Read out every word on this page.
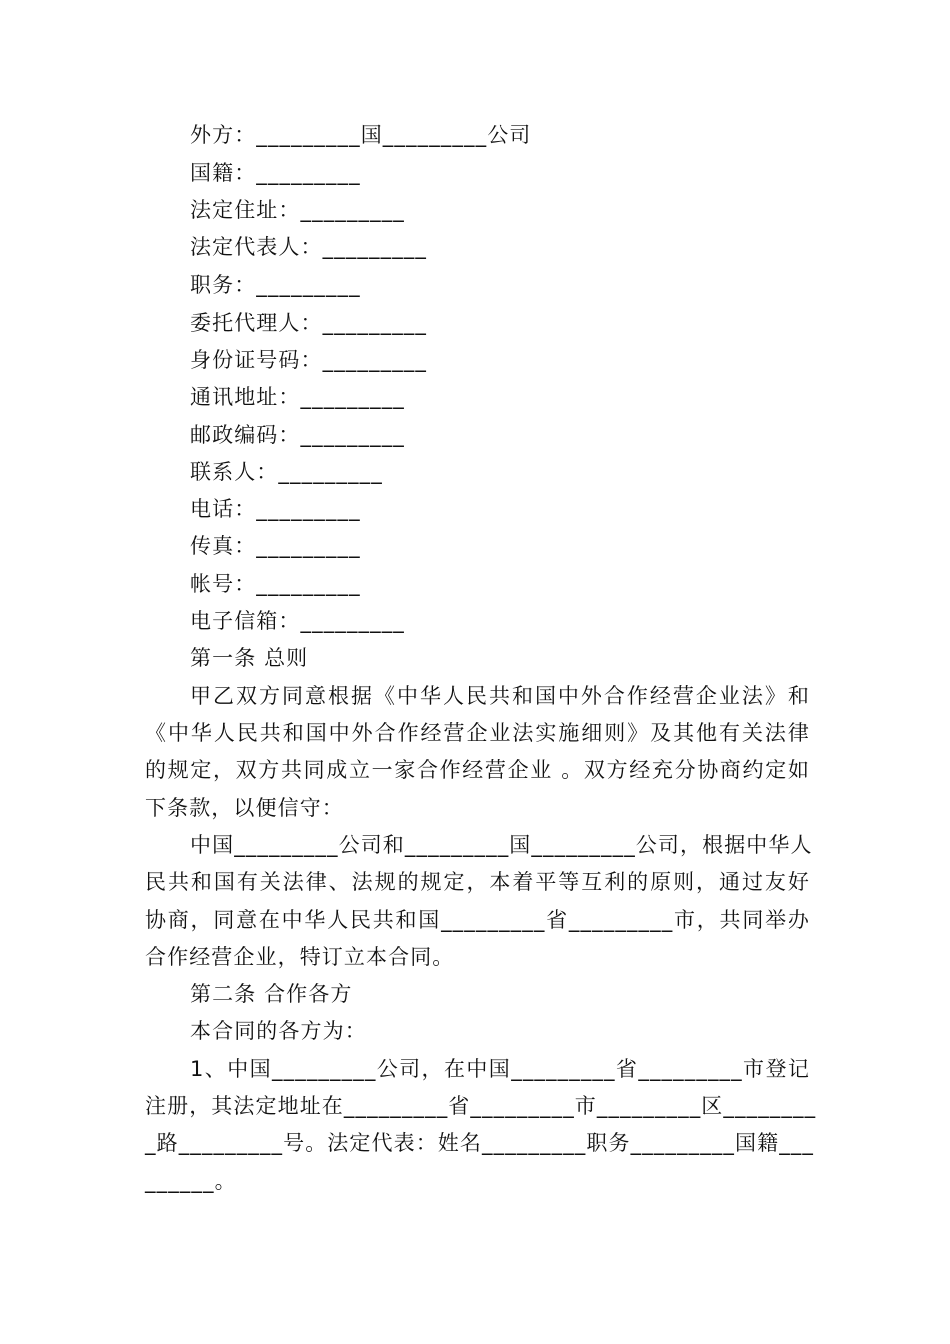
外方：_________国_________公司
国籍：_________
法定住址：_________
法定代表人：_________
职务：_________
委托代理人：_________
身份证号码：_________
通讯地址：_________
邮政编码：_________
联系人：_________
电话：_________
传真：_________
帐号：_________
电子信箱：_________
第一条 总则
甲乙双方同意根据《中华人民共和国中外合作经营企业法》和
《中华人民共和国中外合作经营企业法实施细则》及其他有关法律
的规定，双方共同成立一家合作经营企业 。双方经充分协商约定如
下条款，以便信守：
中国_________公司和_________国_________公司，根据中华人
民共和国有关法律、法规的规定，本着平等互利的原则，通过友好
协商，同意在中华人民共和国_________省_________市，共同举办
合作经营企业，特订立本合同。
第二条 合作各方
本合同的各方为：
1、中国_________公司，在中国_________省_________市登记
注册，其法定地址在_________省_________市_________区________
_路_________号。法定代表：姓名_________职务_________国籍___
______。
